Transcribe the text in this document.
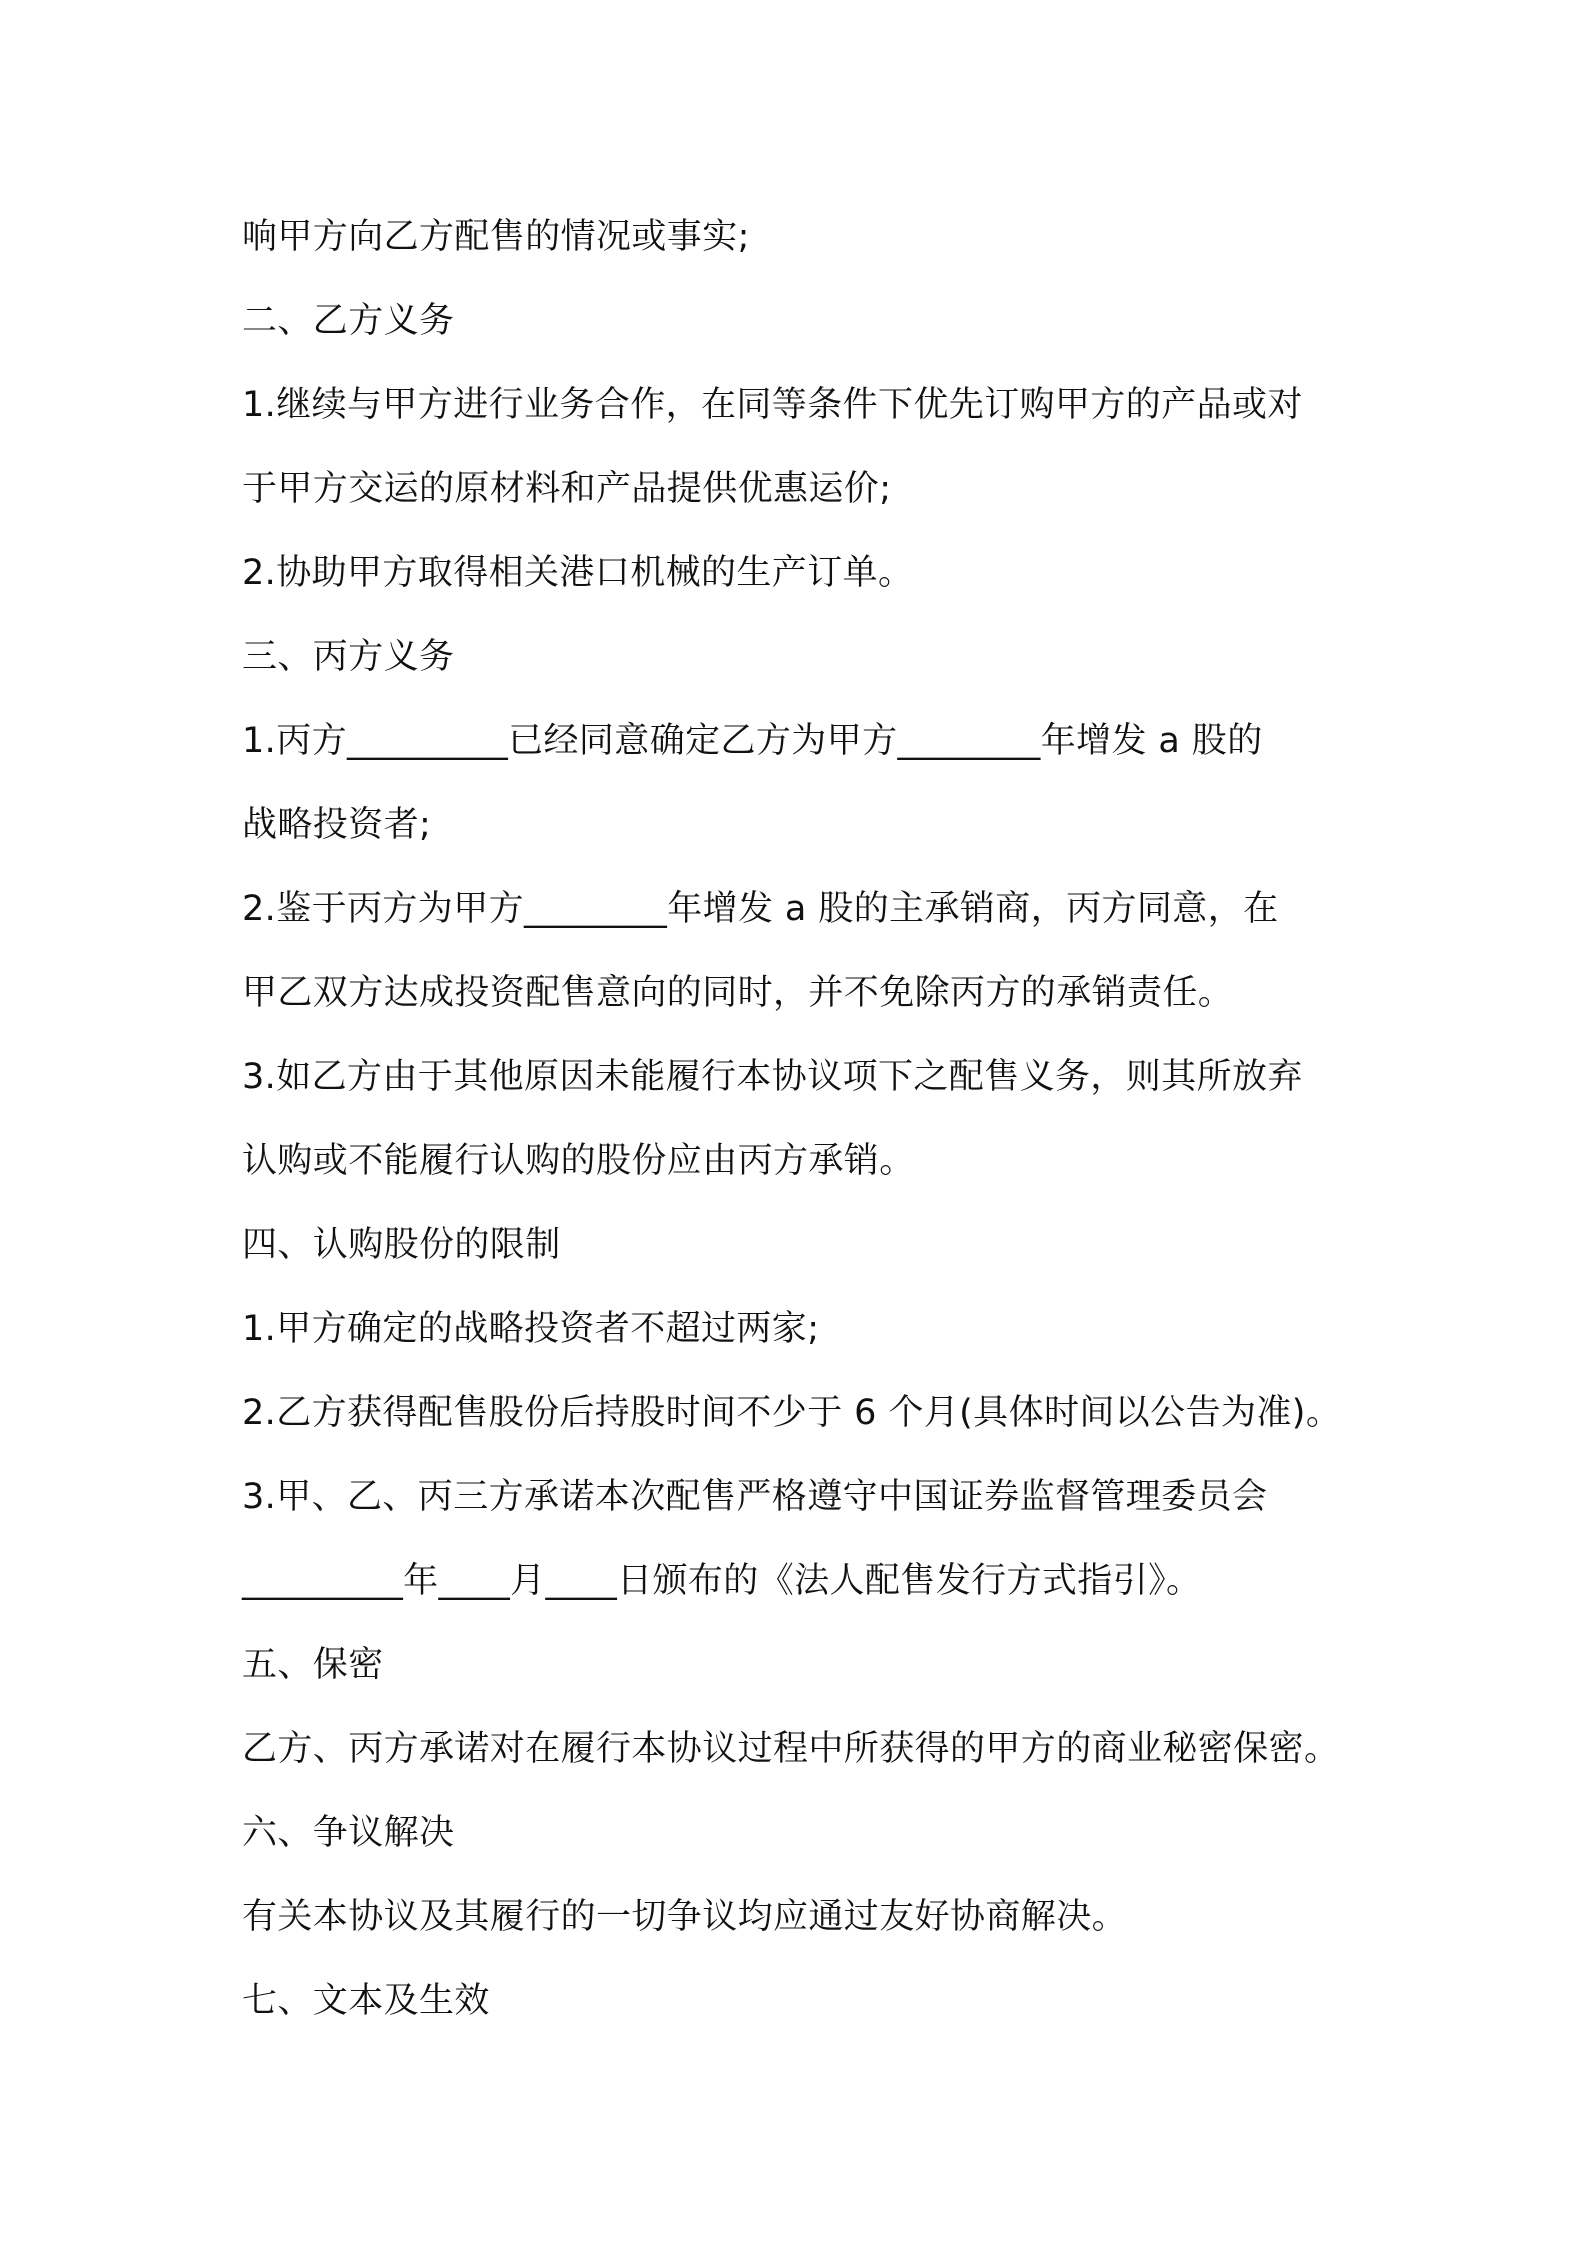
响甲方向乙方配售的情况或事实;
二、乙方义务
1.继续与甲方进行业务合作，在同等条件下优先订购甲方的产品或对
于甲方交运的原材料和产品提供优惠运价;
2.协助甲方取得相关港口机械的生产订单。
三、丙方义务
1.丙方_________已经同意确定乙方为甲方________年增发 a 股的
战略投资者;
2.鉴于丙方为甲方________年增发 a 股的主承销商，丙方同意，在
甲乙双方达成投资配售意向的同时，并不免除丙方的承销责任。
3.如乙方由于其他原因未能履行本协议项下之配售义务，则其所放弃
认购或不能履行认购的股份应由丙方承销。
四、认购股份的限制
1.甲方确定的战略投资者不超过两家;
2.乙方获得配售股份后持股时间不少于 6 个月(具体时间以公告为准)。
3.甲、乙、丙三方承诺本次配售严格遵守中国证券监督管理委员会
_________年____月____日颁布的《法人配售发行方式指引》。
五、保密
乙方、丙方承诺对在履行本协议过程中所获得的甲方的商业秘密保密。
六、争议解决
有关本协议及其履行的一切争议均应通过友好协商解决。
七、文本及生效
